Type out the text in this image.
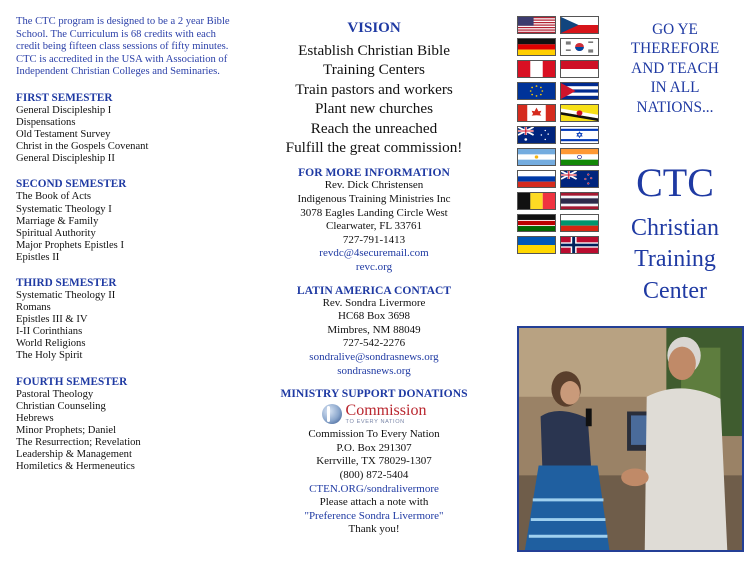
The CTC program is designed to be a 2 year Bible School. The Curriculum is 68 credits with each credit being fifteen class sessions of fifty minutes. CTC is accredited in the USA with Association of Independent Christian Colleges and Seminaries.

FIRST SEMESTER
General Discipleship I
Dispensations
Old Testament Survey
Christ in the Gospels Covenant
General Discipleship II
SECOND SEMESTER
The Book of Acts
Systematic Theology I
Marriage & Family
Spiritual Authority
Major Prophets Epistles I
Epistles II
THIRD SEMESTER
Systematic Theology II
Romans
Epistles III & IV
I-II Corinthians
World Religions
The Holy Spirit
FOURTH SEMESTER
Pastoral Theology
Christian Counseling
Hebrews
Minor Prophets; Daniel
The Resurrection; Revelation
Leadership & Management
Homiletics & Hermeneutics
VISION
Establish Christian Bible
Training Centers
Train pastors and workers
Plant new churches
Reach the unreached
Fulfill the great commission!
FOR MORE INFORMATION
Rev. Dick Christensen
Indigenous Training Ministries Inc
3078 Eagles Landing Circle West
Clearwater, FL 33761
727-791-1413
revdc@4securemail.com
revc.org
LATIN AMERICA CONTACT
Rev. Sondra Livermore
HC68 Box 3698
Mimbres, NM 88049
727-542-2276
sondralive@sondrasnews.org
sondrasnews.org
MINISTRY SUPPORT DONATIONS
Commission
TO EVERY NATION
Commission To Every Nation
P.O. Box 291307
Kerrville, TX 78029-1307
(800) 872-5404
CTEN.ORG/sondralivermore
Please attach a note with
"Preference Sondra Livermore"
Thank you!
GO YE
THEREFORE
AND TEACH
IN ALL
NATIONS...
CTC
Christian
Training
Center
